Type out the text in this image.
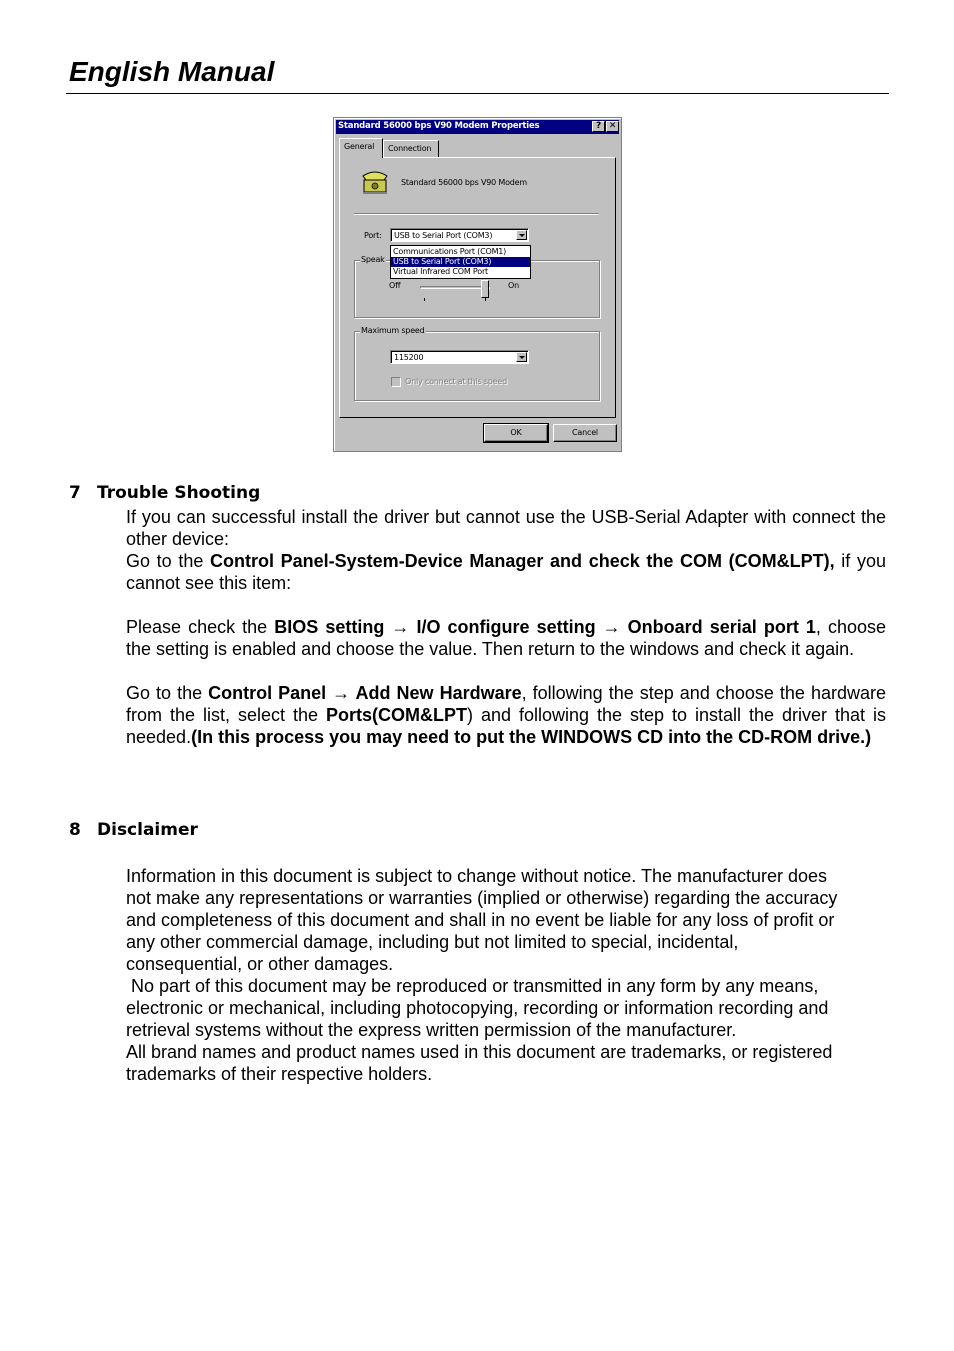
English Manual
Standard 56000 bps V90 Modem Properties	? ✕
General Connection
Standard 56000 bps V90 Modem
Port: USB to Serial Port (COM3)
Speak
Communications Port (COM1)
USB to Serial Port (COM3)
Virtual Infrared COM Port
Off	On
Maximum speed
115200
Only connect at this speed
OK	Cancel
7 Trouble Shooting

If you can successful install the driver but cannot use the USB-Serial Adapter with connect the other device:

Go to the Control Panel-System-Device Manager and check the COM (COM&LPT), if you cannot see this item:

Please check the BIOS setting → I/O configure setting → Onboard serial port 1, choose the setting is enabled and choose the value. Then return to the windows and check it again.

Go to the Control Panel → Add New Hardware, following the step and choose the hardware from the list, select the Ports(COM&LPT) and following the step to install the driver that is needed.(In this process you may need to put the WINDOWS CD into the CD-ROM drive.)

8 Disclaimer
Information in this document is subject to change without notice. The manufacturer does
not make any representations or warranties (implied or otherwise) regarding the accuracy
and completeness of this document and shall in no event be liable for any loss of profit or
any other commercial damage, including but not limited to special, incidental,
consequential, or other damages.
No part of this document may be reproduced or transmitted in any form by any means,
electronic or mechanical, including photocopying, recording or information recording and
retrieval systems without the express written permission of the manufacturer.
All brand names and product names used in this document are trademarks, or registered
trademarks of their respective holders.
